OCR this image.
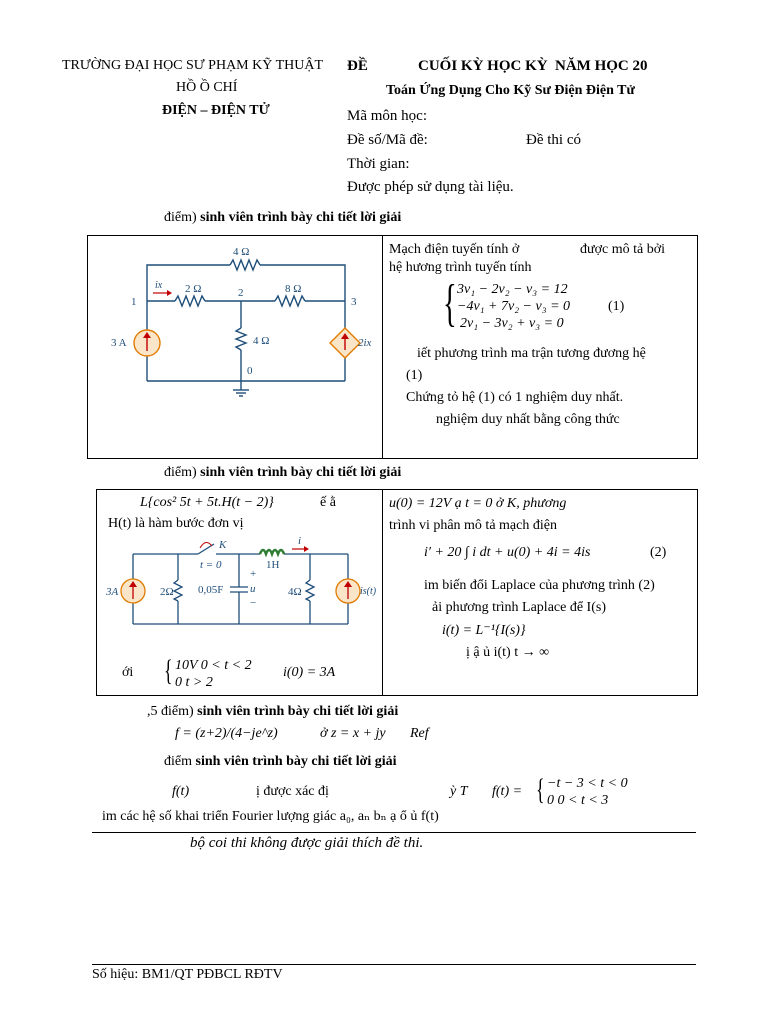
TRƯỜNG ĐẠI HỌC SƯ PHẠM KỸ THUẬT
HỒ Ồ CHÍ
ĐIỆN – ĐIỆN TỬ
ĐỀ	CUỐI KỲ HỌC KỲ NĂM HỌC 20
Toán Ứng Dụng Cho Kỹ Sư Điện Điện Tử
Mã môn học:
Đề số/Mã đề:	Đề thi có
Thời gian:
Được phép sử dụng tài liệu.
điểm) sinh viên trình bày chi tiết lời giải
4 Ω
2 Ω	8 Ω
4 Ω
1
2
3
0
3 A	2ix
ix
Mạch điện tuyến tính ở	được mô tả bởi
hệ hương trình tuyến tính
{ 3v₁ − 2v₂ − v₃ = 12
−4v₁ + 7v₂ − v₃ = 0	(1)
2v₁ − 3v₂ + v₃ = 0
iết phương trình ma trận tương đương hệ
(1)
Chứng tỏ hệ (1) có 1 nghiệm duy nhất.
nghiệm duy nhất bằng công thức
điểm) sinh viên trình bày chi tiết lời giải
L{cos² 5t + 5t.H(t − 2)}	ế ằ
H(t) là hàm bước đơn vị
K
t = 0	1H
i
3A	2Ω 0,05F
+
u
−
4Ω	is(t)
ới { 10V 0 < t < 2
0 t > 2
i(0) = 3A
u(0) = 12V ạ t = 0 ở K, phương
trình vi phân mô tả mạch điện
i′ + 20 ∫ i dt + u(0) + 4i = 4is	(2)
im biến đổi Laplace của phương trình (2)
ải phương trình Laplace để I(s)
i(t) = L⁻¹{I(s)}
ị ậ ủ i(t) t → ∞
,5 điểm) sinh viên trình bày chi tiết lời giải
f = (z+2)/(4−je^z)	ở z = x + jy Ref
điểm sinh viên trình bày chi tiết lời giải
f(t)	ị được xác đị	ỳ T f(t) = { −t − 3 < t < 0
0 0 < t < 3
im các hệ số khai triển Fourier lượng giác a₀, aₙ bₙ ạ ổ ủ f(t)
bộ coi thi không được giải thích đề thi.
Số hiệu: BM1/QT PĐBCL RĐTV
